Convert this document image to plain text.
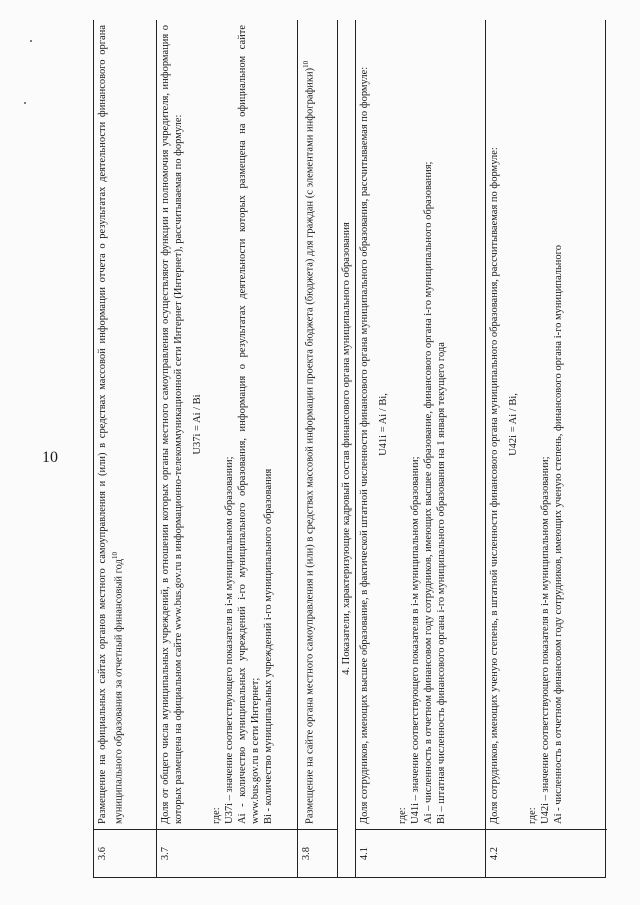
10
3.6
Размещение на официальных сайтах органов местного самоуправления и (или) в средствах массовой информации отчета о результатах деятельности финансового органа муниципального образования за отчетный финансовый год$^{10}$
3.7

Доля от общего числа муниципальных учреждений, в отношении которых органы местного самоуправления осуществляют функции и полномочия учредителя, информация о которых размещена на официальном сайте www.bus.gov.ru в информационно-телекоммуникационной сети Интернет (Интернет), рассчитываемая по формуле: U37i = Ai / Bi

где: U37i – значение соответствующего показателя в i-м муниципальном образовании; Ai - количество муниципальных учреждений i-го муниципального образования, информация о результатах деятельности которых размещена на официальном сайте www.bus.gov.ru в сети Интернет; Bi - количество муниципальных учреждений i-го муниципального образования

3.8
Размещение на сайте органа местного самоуправления и (или) в средствах массовой информации проекта бюджета (бюджета) для граждан (с элементами инфографики)$^{10}$
4. Показатели, характеризующие кадровый состав финансового органа муниципального образования
4.1

Доля сотрудников, имеющих высшее образование, в фактической штатной численности финансового органа муниципального образования, рассчитываемая по формуле: U41i = Ai / Bi,

где: U41i – значение соответствующего показателя в i-м муниципальном образовании; Ai – численность в отчетном финансовом году сотрудников, имеющих высшее образование, финансового органа i-го муниципального образования; Bi – штатная численность финансового органа i-го муниципального образования на 1 января текущего года

4.2

Доля сотрудников, имеющих ученую степень, в штатной численности финансового органа муниципального образования, рассчитываемая по формуле: U42i = Ai / Bi,

где: U42i – значение соответствующего показателя в i-м муниципальном образовании; Ai - численность в отчетном финансовом году сотрудников, имеющих ученую степень, финансового органа i-го муниципального
